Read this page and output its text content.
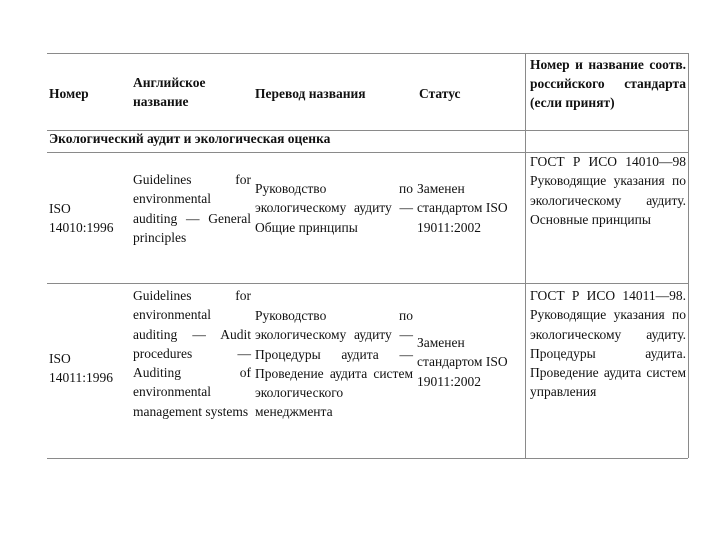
Номер
Английское название
Перевод названия	Статус
Номер и название соотв. российского стандарта (если принят)
Экологический аудит и экологическая оценка
ISO 14010:1996
Guidelines for environmental auditing — General principles
Руководство по экологическому аудиту — Общие принципы
Заменен стандартом ISO 19011:2002
ГОСТ Р ИСО 14010—98 Руководящие указания по экологическому аудиту. Основные принципы
ISO 14011:1996
Guidelines for environmental auditing — Audit procedures — Auditing of environmental management systems
Руководство по экологическому аудиту — Процедуры аудита — Проведение аудита систем экологического менеджмента
Заменен стандартом ISO 19011:2002
ГОСТ Р ИСО 14011—98. Руководящие указания по экологическому аудиту. Процедуры аудита. Проведение аудита систем управления
